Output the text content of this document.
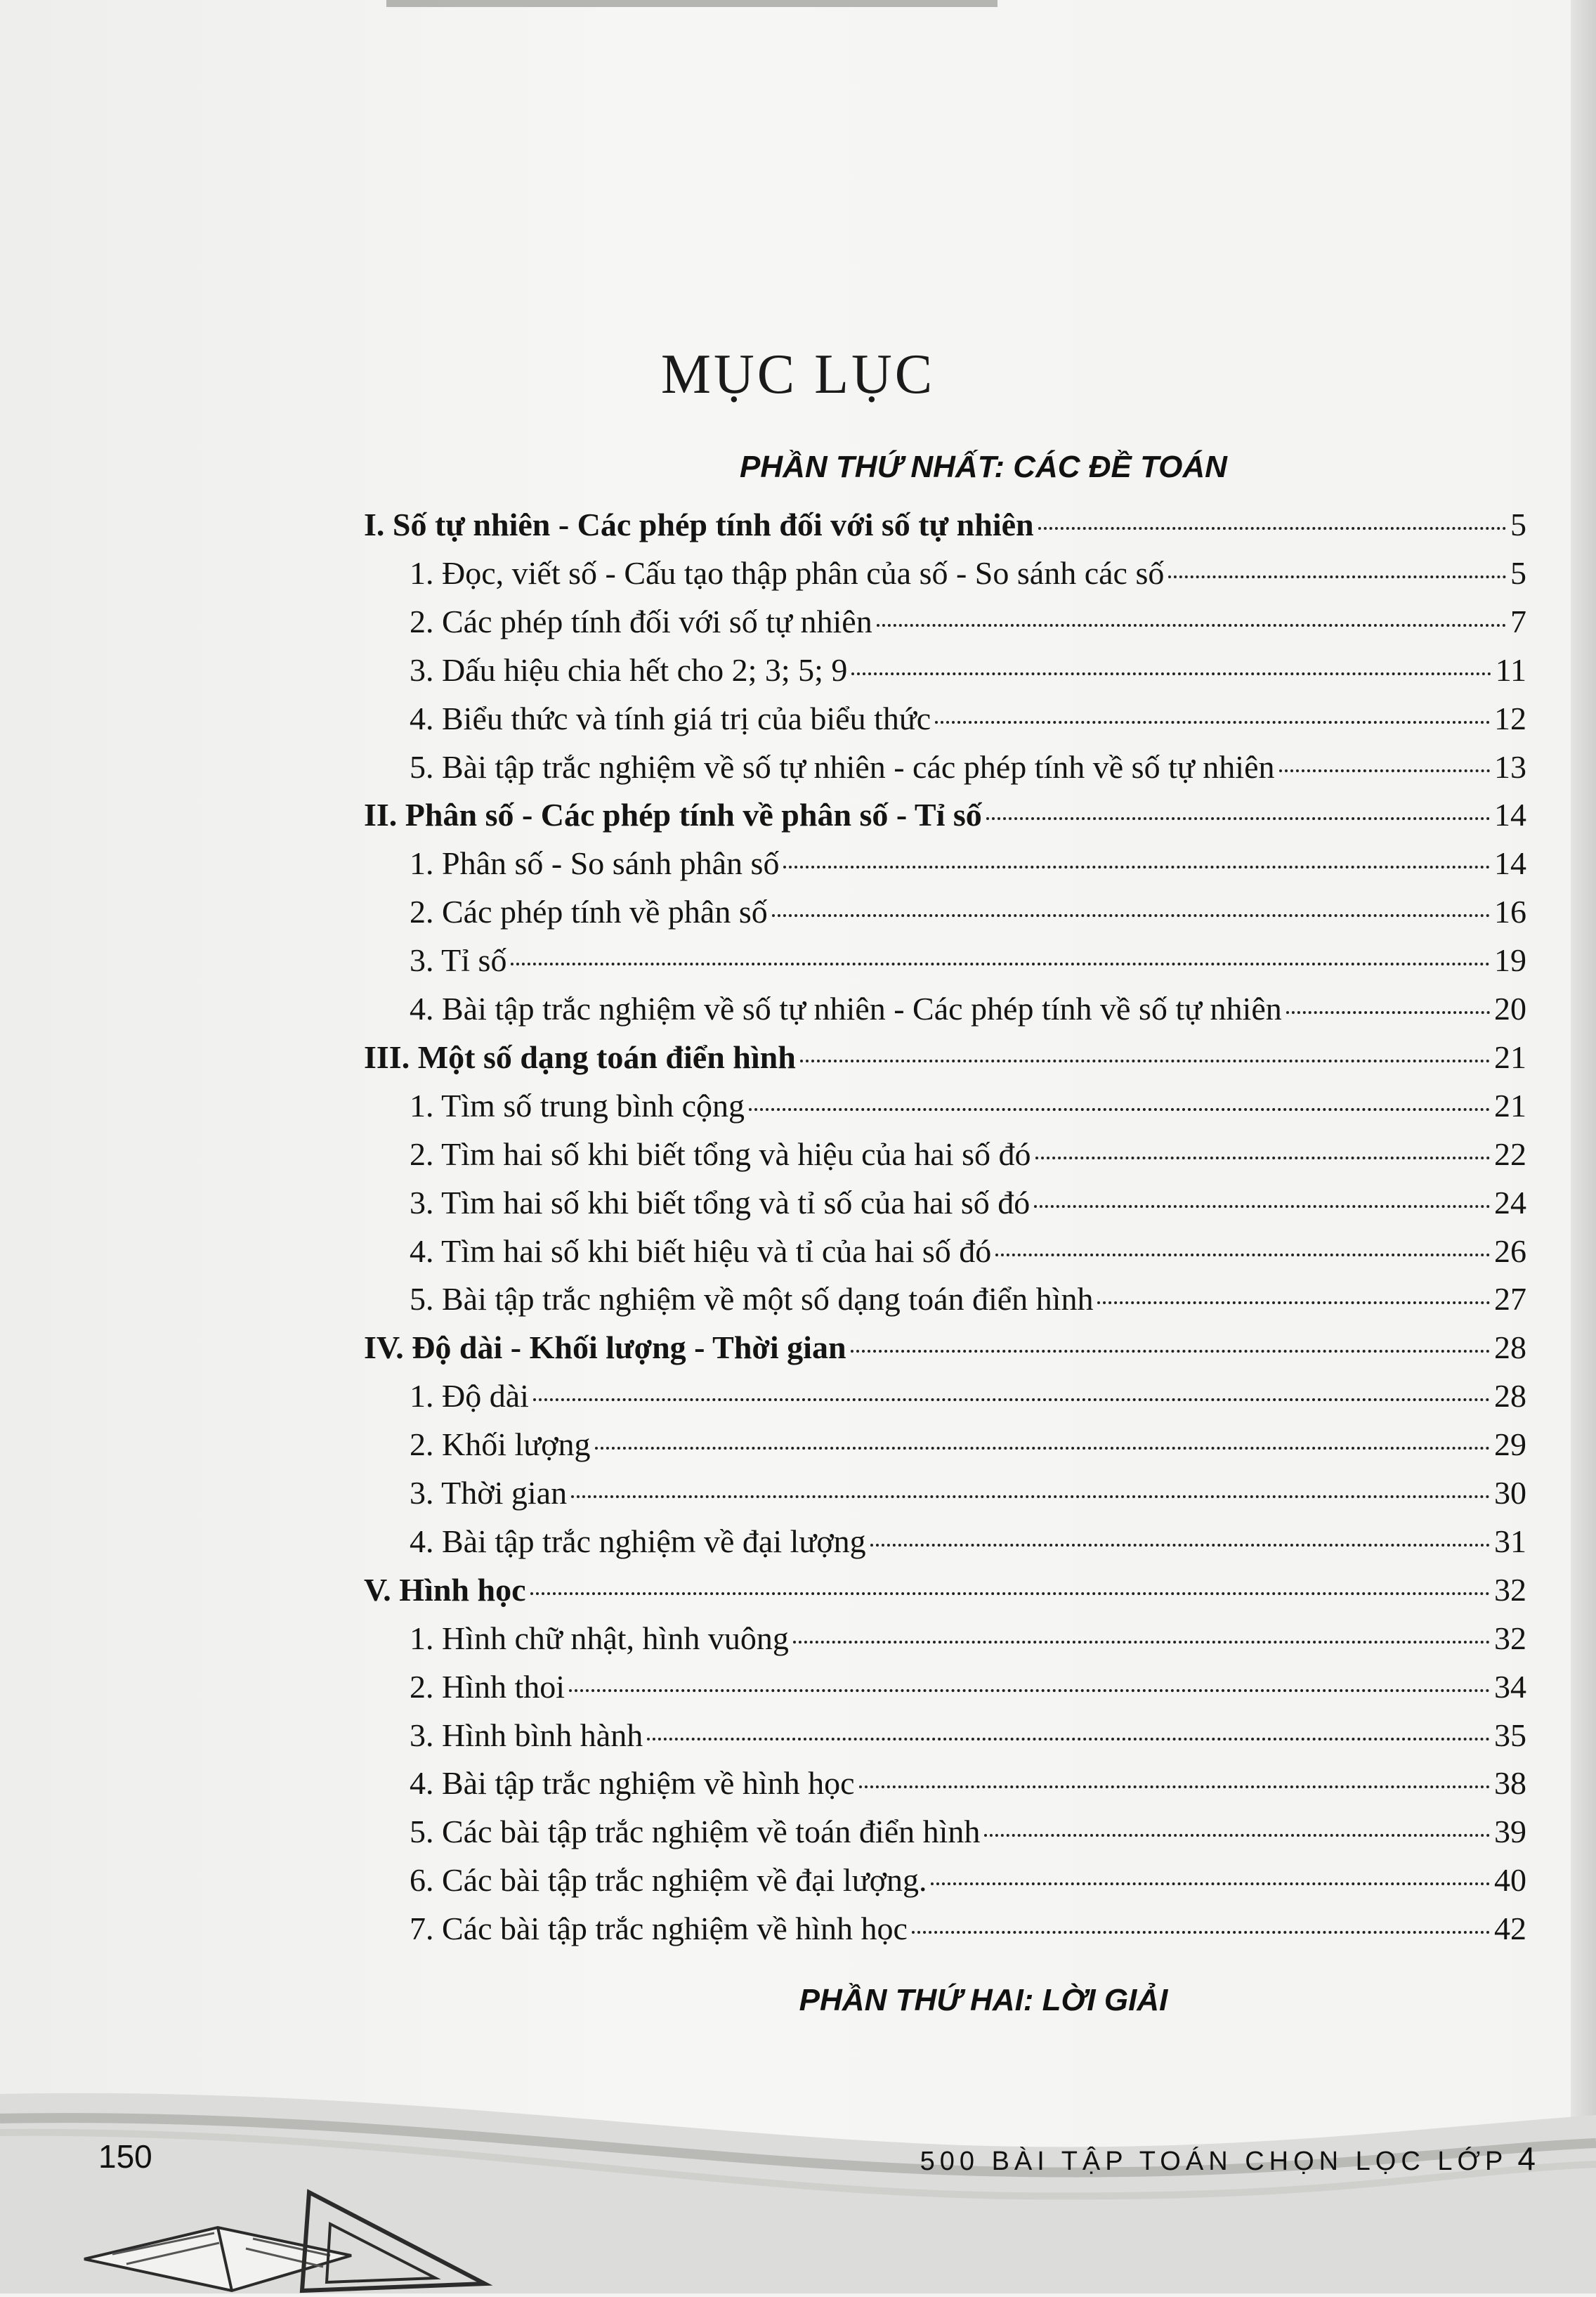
MỤC LỤC
PHẦN THỨ NHẤT: CÁC ĐỀ TOÁN
I. Số tự nhiên - Các phép tính đối với số tự nhiên	5
1. Đọc, viết số - Cấu tạo thập phân của số - So sánh các số	5
2. Các phép tính đối với số tự nhiên	7
3. Dấu hiệu chia hết cho 2; 3; 5; 9	11
4. Biểu thức và tính giá trị của biểu thức	12
5. Bài tập trắc nghiệm về số tự nhiên - các phép tính về số tự nhiên	13
II. Phân số - Các phép tính về phân số - Tỉ số	14
1. Phân số - So sánh phân số	14
2. Các phép tính về phân số	16
3. Tỉ số	19
4. Bài tập trắc nghiệm về số tự nhiên - Các phép tính về số tự nhiên	20
III. Một số dạng toán điển hình	21
1. Tìm số trung bình cộng	21
2. Tìm hai số khi biết tổng và hiệu của hai số đó	22
3. Tìm hai số khi biết tổng và tỉ số của hai số đó	24
4. Tìm hai số khi biết hiệu và tỉ của hai số đó	26
5. Bài tập trắc nghiệm về một số dạng toán điển hình	27
IV. Độ dài - Khối lượng - Thời gian	28
1. Độ dài	28
2. Khối lượng	29
3. Thời gian	30
4. Bài tập trắc nghiệm về đại lượng	31
V. Hình học	32
1. Hình chữ nhật, hình vuông	32
2. Hình thoi	34
3. Hình bình hành	35
4. Bài tập trắc nghiệm về hình học	38
5. Các bài tập trắc nghiệm về toán điển hình	39
6. Các bài tập trắc nghiệm về đại lượng.	40
7. Các bài tập trắc nghiệm về hình học	42
PHẦN THỨ HAI: LỜI GIẢI
150	500 BÀI TẬP TOÁN CHỌN LỌC LỚP 4
